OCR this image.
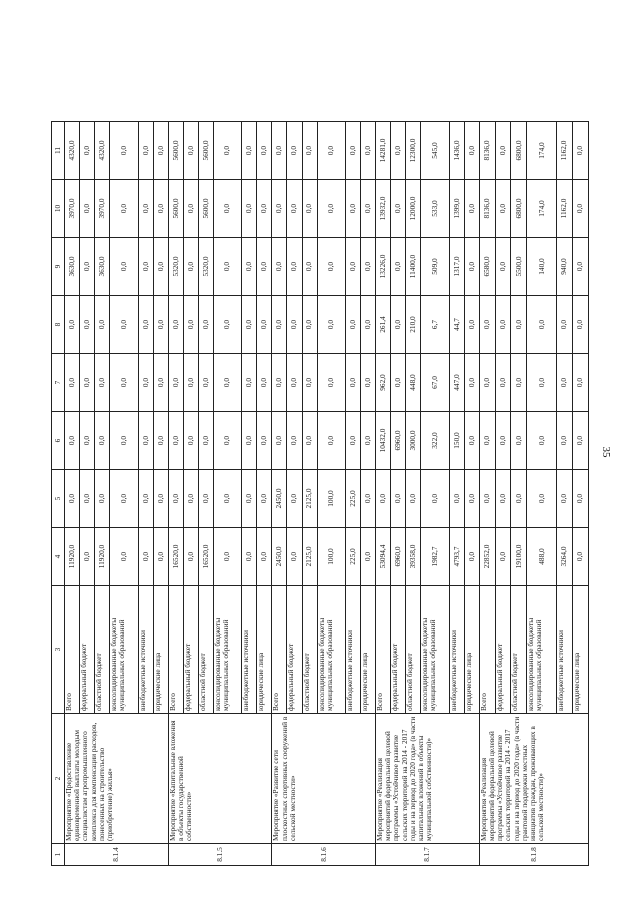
35
1	2	3	4	5	6	7	8	9	10	11
8.1.4	Мероприятие «Предоставление единовременной выплаты молодым специалистам агропромышленного комплекса для компенсации расходов, понесенных на строительство (приобретение) жилья»	Всего	11920,0	0,0	0,0	0,0	0,0	3630,0	3970,0	4320,0
		федеральный бюджет	0,0	0,0	0,0	0,0	0,0	0,0	0,0	0,0
		областной бюджет	11920,0	0,0	0,0	0,0	0,0	3630,0	3970,0	4320,0
		консолидированные бюджеты муниципальных образований	0,0	0,0	0,0	0,0	0,0	0,0	0,0	0,0
		внебюджетные источники	0,0	0,0	0,0	0,0	0,0	0,0	0,0	0,0
		юридические лица	0,0	0,0	0,0	0,0	0,0	0,0	0,0	0,0
8.1.5	Мероприятие «Капитальные вложения в объекты государственной собственности»	Всего	16520,0	0,0	0,0	0,0	0,0	5320,0	5600,0	5600,0
		федеральный бюджет	0,0	0,0	0,0	0,0	0,0	0,0	0,0	0,0
		областной бюджет	16520,0	0,0	0,0	0,0	0,0	5320,0	5600,0	5600,0
		консолидированные бюджеты муниципальных образований	0,0	0,0	0,0	0,0	0,0	0,0	0,0	0,0
		внебюджетные источники	0,0	0,0	0,0	0,0	0,0	0,0	0,0	0,0
		юридические лица	0,0	0,0	0,0	0,0	0,0	0,0	0,0	0,0
8.1.6	Мероприятие «Развитие сети плоскостных спортивных сооружений в сельской местности»	Всего	2450,0	2450,0	0,0	0,0	0,0	0,0	0,0	0,0
		федеральный бюджет	0,0	0,0	0,0	0,0	0,0	0,0	0,0	0,0
		областной бюджет	2125,0	2125,0	0,0	0,0	0,0	0,0	0,0	0,0
		консолидированные бюджеты муниципальных образований	100,0	100,0	0,0	0,0	0,0	0,0	0,0	0,0
		внебюджетные источники	225,0	225,0	0,0	0,0	0,0	0,0	0,0	0,0
		юридические лица	0,0	0,0	0,0	0,0	0,0	0,0	0,0	0,0
8.1.7	Мероприятие «Реализация мероприятий федеральной целевой программы «Устойчивое развитие сельских территорий на 2014 - 2017 годы и на период до 2020 года» (в части капитальных вложений в объекты муниципальной собственности)»	Всего	53094,4	0,0	10432,0	962,0	261,4	13226,0	13932,0	14281,0
		федеральный бюджет	6960,0	0,0	6960,0	0,0	0,0	0,0	0,0	0,0
		областной бюджет	39358,0	0,0	3000,0	448,0	210,0	11400,0	12000,0	12300,0
		консолидированные бюджеты муниципальных образований	1982,7	0,0	322,0	67,0	6,7	509,0	533,0	545,0
		внебюджетные источники	4793,7	0,0	150,0	447,0	44,7	1317,0	1399,0	1436,0
		юридические лица	0,0	0,0	0,0	0,0	0,0	0,0	0,0	0,0
8.1.8	Мероприятия «Реализация мероприятий федеральной целевой программы «Устойчивое развитие сельских территорий на 2014 - 2017 годы и на период до 2020 года» (в части грантовой поддержки местных инициатив граждан, проживающих в сельской местности)»	Всего	22852,0	0,0	0,0	0,0	0,0	6580,0	8136,0	8136,0
		федеральный бюджет	0,0	0,0	0,0	0,0	0,0	0,0	0,0	0,0
		областной бюджет	19100,0	0,0	0,0	0,0	0,0	5500,0	6800,0	6800,0
		консолидированные бюджеты муниципальных образований	488,0	0,0	0,0	0,0	0,0	140,0	174,0	174,0
		внебюджетные источники	3264,0	0,0	0,0	0,0	0,0	940,0	1162,0	1162,0
		юридические лица	0,0	0,0	0,0	0,0	0,0	0,0	0,0	0,0
